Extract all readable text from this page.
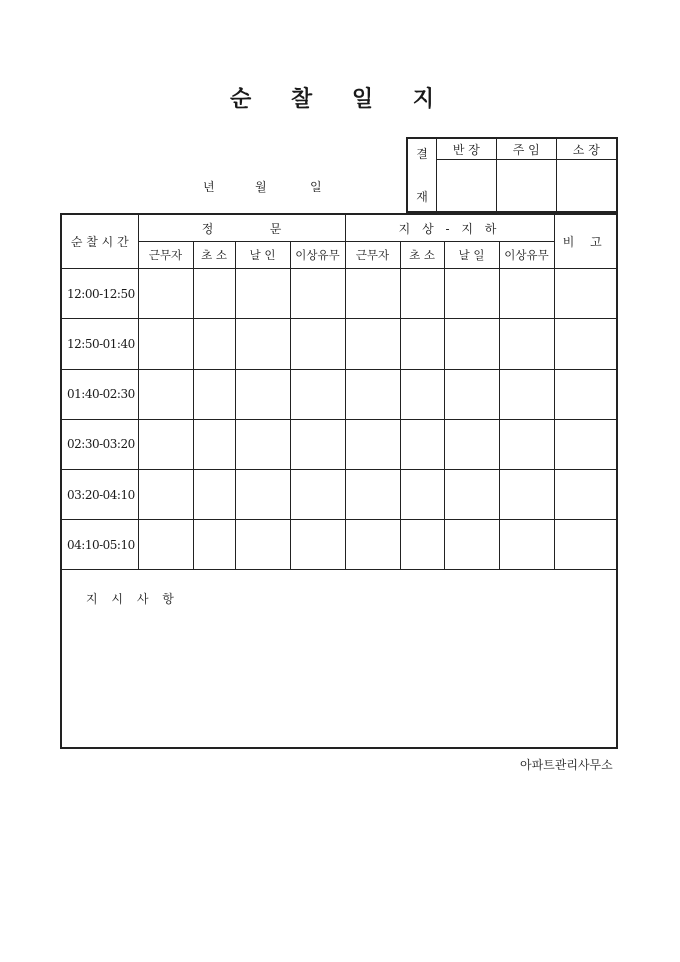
순 찰 일 지
년	월	일
결
재	반 장	주 임	소 장

순 찰 시 간	정 문				지 상 - 지 하				비 고
	근무자	초 소	날 인	이상유무	근무자	초 소	날 일	이상유무	
12:00-12:50									
12:50-01:40									
01:40-02:30									
02:30-03:20									
03:20-04:10									
04:10-05:10									
지 시 사 항									
아파트관리사무소
